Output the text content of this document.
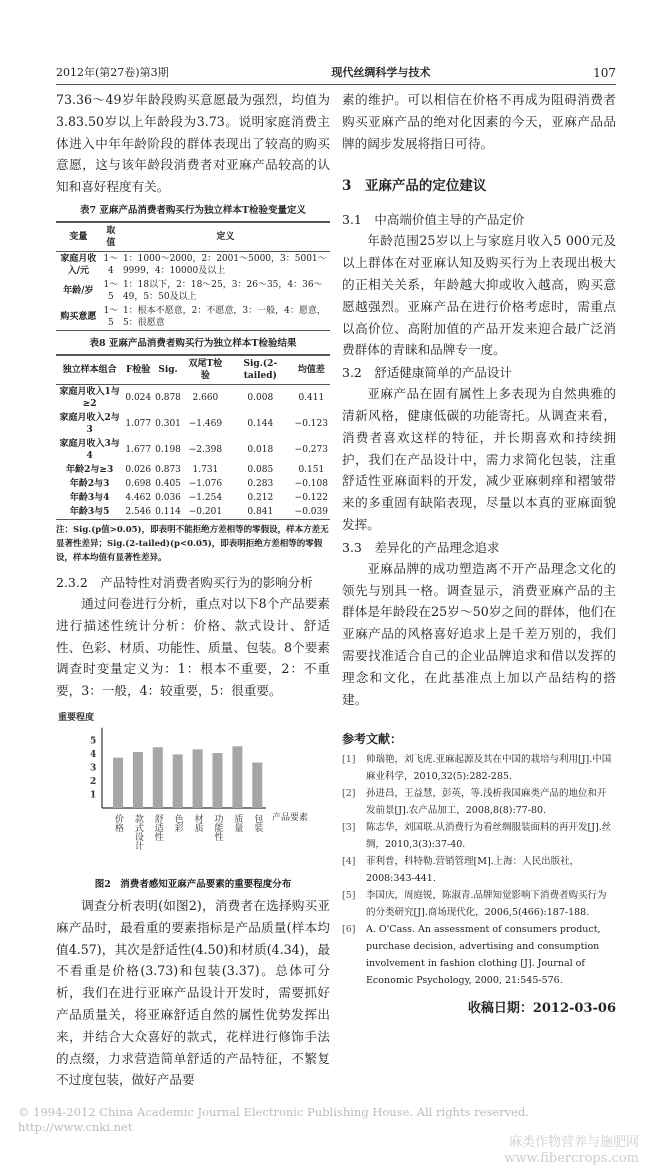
2012年(第27卷)第3期	现代丝绸科学与技术	107

73.36～49岁年龄段购买意愿最为强烈，均值为3.83.50岁以上年龄段为3.73。说明家庭消费主体进入中年年龄阶段的群体表现出了较高的购买意愿，这与该年龄段消费者对亚麻产品较高的认知和喜好程度有关。

表7 亚麻产品消费者购买行为独立样本T检验变量定义
变量	取值	定义
家庭月收入/元	1～4	1：1000～2000，2：2001～5000，3：5001～9999，4：10000及以上
年龄/岁	1～5	1：18以下，2：18～25，3：26～35，4：36～49，5：50及以上
购买意愿	1～5	1：根本不愿意，2：不愿意，3：一般，4：愿意，5：很愿意
表8 亚麻产品消费者购买行为独立样本T检验结果
独立样本组合	F检验	Sig.	双尾T检验	Sig.(2-tailed)	均值差
家庭月收入1与≥2	0.024	0.878	2.660	0.008	0.411
家庭月收入2与3	1.077	0.301	−1.469	0.144	−0.123
家庭月收入3与4	1.677	0.198	−2.398	0.018	−0.273
年龄2与≥3	0.026	0.873	1.731	0.085	0.151
年龄2与3	0.698	0.405	−1.076	0.283	−0.108
年龄3与4	4.462	0.036	−1.254	0.212	−0.122
年龄3与5	2.546	0.114	−0.201	0.841	−0.039
注：Sig.(p值>0.05)，即表明不能拒绝方差相等的零假设，样本方差无显著性差异；Sig.(2-tailed)(p<0.05)，即表明拒绝方差相等的零假设，样本均值有显著性差异。
2.3.2　产品特性对消费者购买行为的影响分析

通过问卷进行分析，重点对以下8个产品要素进行描述性统计分析：价格、款式设计、舒适性、色彩、材质、功能性、质量、包装。8个要素调查时变量定义为：1：根本不重要，2：不重要，3：一般，4：较重要，5：很重要。

重要程度
1
2
3
4
5
价格 款式设计 舒适性 色彩 材质 功能性 质量 包装 产品要素
图2　消费者感知亚麻产品要素的重要程度分布

调查分析表明(如图2)，消费者在选择购买亚麻产品时，最看重的要素指标是产品质量(样本均值4.57)，其次是舒适性(4.50)和材质(4.34)，最不看重是价格(3.73)和包装(3.37)。总体可分析，我们在进行亚麻产品设计开发时，需要抓好产品质量关，将亚麻舒适自然的属性优势发挥出来，并结合大众喜好的款式，花样进行修饰手法的点缀，力求营造简单舒适的产品特征，不繁复不过度包装，做好产品要

素的维护。可以相信在价格不再成为阻碍消费者购买亚麻产品的绝对化因素的今天，亚麻产品品牌的阔步发展将指日可待。

3　亚麻产品的定位建议
3.1　中高端价值主导的产品定价

年龄范围25岁以上与家庭月收入5 000元及以上群体在对亚麻认知及购买行为上表现出极大的正相关关系，年龄越大抑或收入越高，购买意愿越强烈。亚麻产品在进行价格考虑时，需重点以高价位、高附加值的产品开发来迎合最广泛消费群体的青睐和品牌专一度。

3.2　舒适健康简单的产品设计

亚麻产品在固有属性上多表现为自然典雅的清新风格，健康低碳的功能寄托。从调查来看，消费者喜欢这样的特征，并长期喜欢和持续拥护，我们在产品设计中，需力求简化包装，注重舒适性亚麻面料的开发，减少亚麻刺痒和褶皱带来的多重固有缺陷表现，尽量以本真的亚麻面貌发挥。

3.3　差异化的产品理念追求

亚麻品牌的成功塑造离不开产品理念文化的领先与别具一格。调查显示，消费亚麻产品的主群体是年龄段在25岁～50岁之间的群体，他们在亚麻产品的风格喜好追求上是千差万别的，我们需要找准适合自己的企业品牌追求和借以发挥的理念和文化，在此基准点上加以产品结构的搭建。

参考文献：
[1]	帅瑞艳，刘飞虎.亚麻起源及其在中国的栽培与利用[J].中国麻业科学，2010,32(5):282-285.
[2]	孙进昌，王益慧，彭英，等.浅析我国麻类产品的地位和开发前景[J].农产品加工，2008,8(8):77-80.
[3]	陈志华，刘国联.从消费行为看丝绸服装面料的再开发[J].丝绸，2010,3(3):37-40.
[4]	菲利普，科特勒.营销管理[M].上海：人民出版社，2008:343-441.
[5]	李国庆，周庭锐，陈淑青.品牌知觉影响下消费者购买行为的分类研究[J].商场现代化，2006,5(466):187-188.
[6]	A. O'Cass. An assessment of consumers product, purchase decision, advertising and consumption involvement in fashion clothing [J]. Journal of Economic Psychology, 2000, 21:545-576.
收稿日期：2012-03-06
© 1994-2012 China Academic Journal Electronic Publishing House. All rights reserved. http://www.cnki.net
麻类作物营养与施肥网
www.fibercrops.com
